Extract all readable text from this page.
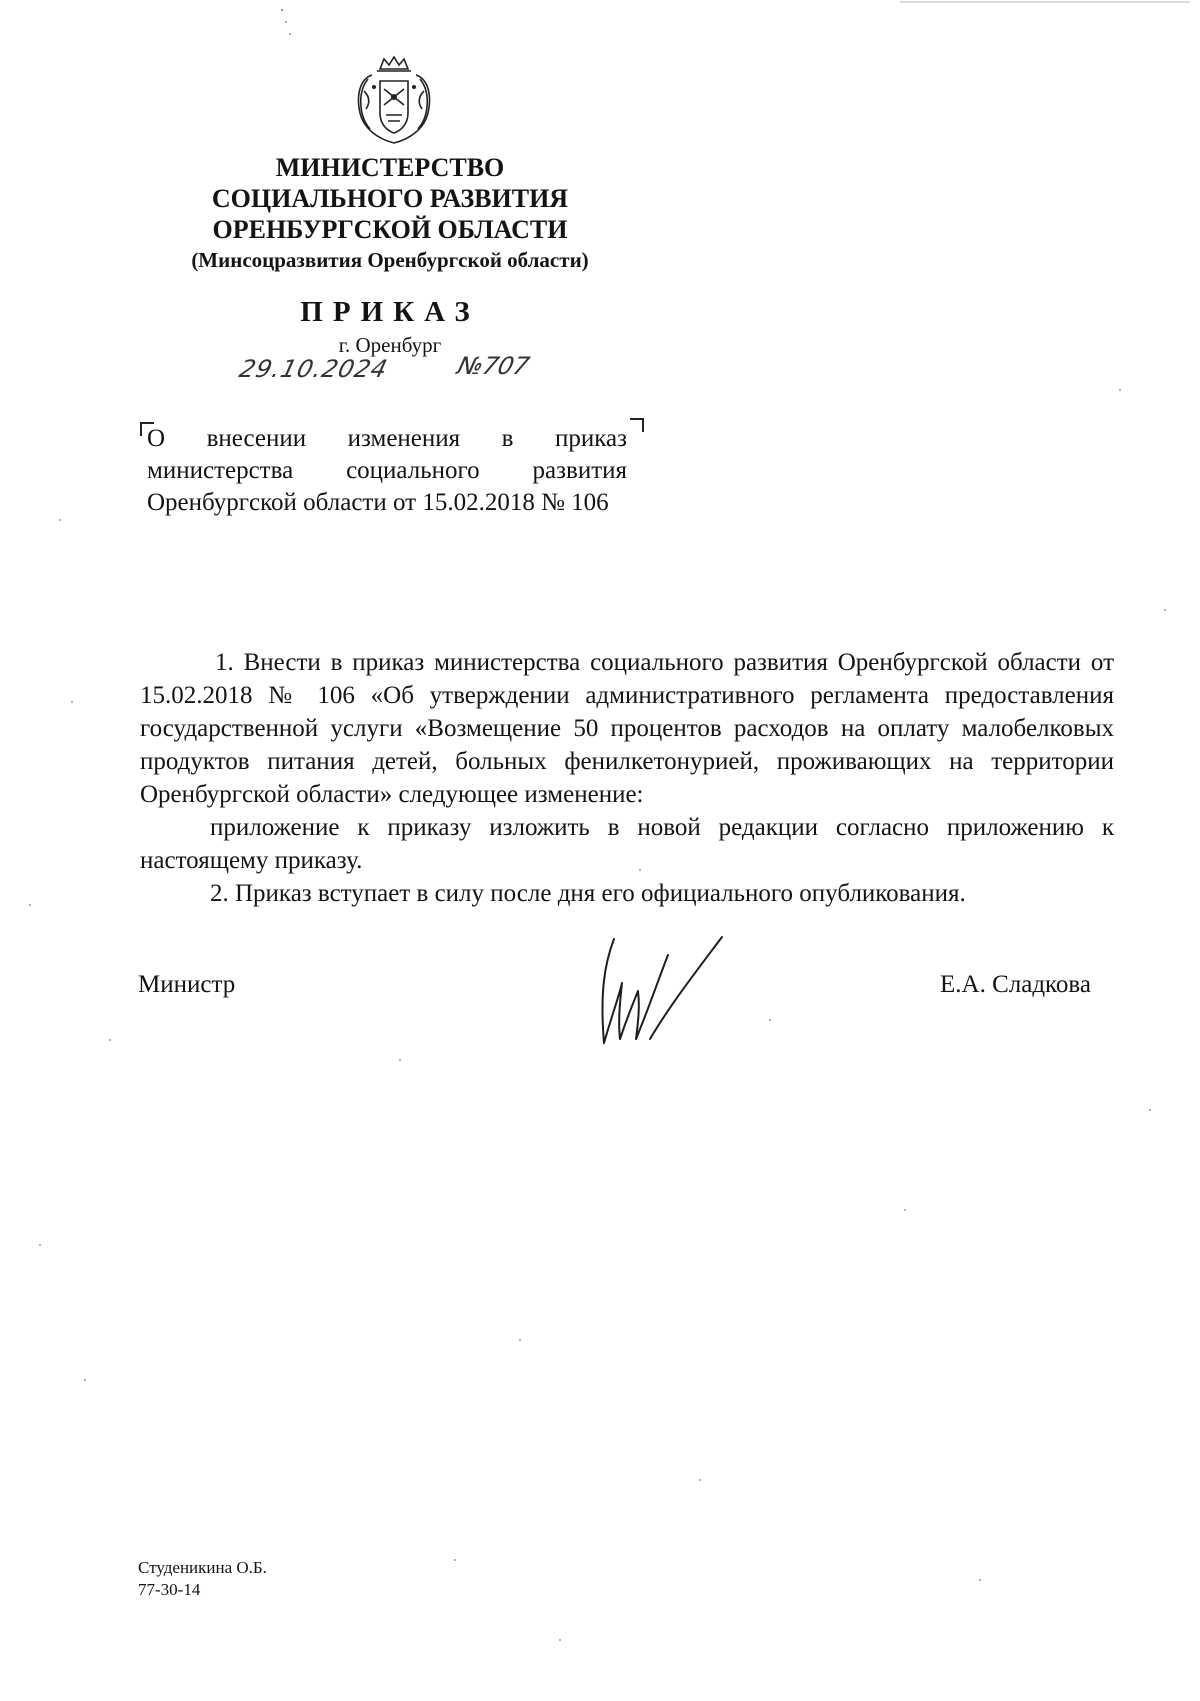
МИНИСТЕРСТВО
СОЦИАЛЬНОГО РАЗВИТИЯ
ОРЕНБУРГСКОЙ ОБЛАСТИ
(Минсоцразвития Оренбургской области)
ПРИКАЗ
г. Оренбург
29.10.2024	№707
О внесении изменения в приказ министерства социального развития Оренбургской области от 15.02.2018 № 106

1. Внести в приказ министерства социального развития Оренбургской области от 15.02.2018 № 106 «Об утверждении административного регламента предоставления государственной услуги «Возмещение 50 процентов расходов на оплату малобелковых продуктов питания детей, больных фенилкетонурией, проживающих на территории Оренбургской области» следующее изменение:

приложение к приказу изложить в новой редакции согласно приложению к настоящему приказу.

2. Приказ вступает в силу после дня его официального опубликования.

Министр	Е.А. Сладкова
Студеникина О.Б.
77-30-14
